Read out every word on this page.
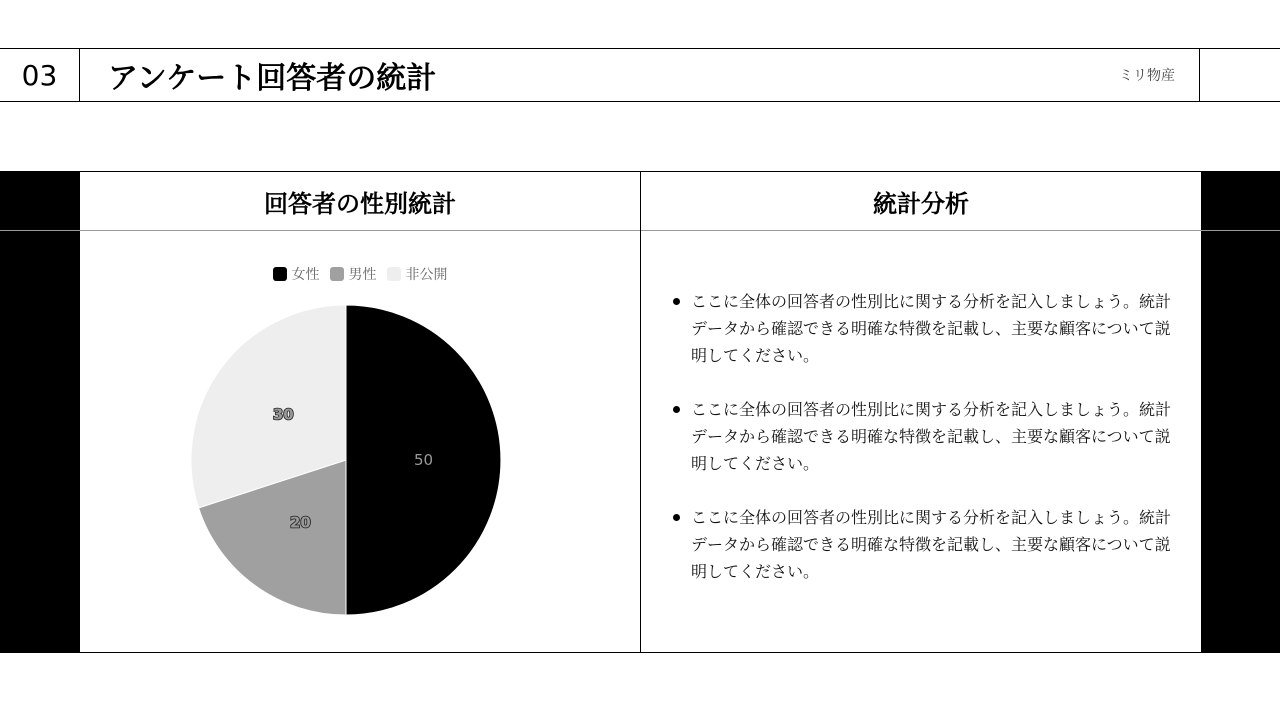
03	アンケート回答者の統計	ミリ物産
回答者の性別統計	統計分析
女性 男性 非公開
50
20
30
ここに全体の回答者の性別比に関する分析を記入しましょう。統計データから確認できる明確な特徴を記載し、主要な顧客について説明してください。
ここに全体の回答者の性別比に関する分析を記入しましょう。統計データから確認できる明確な特徴を記載し、主要な顧客について説明してください。
ここに全体の回答者の性別比に関する分析を記入しましょう。統計データから確認できる明確な特徴を記載し、主要な顧客について説明してください。
